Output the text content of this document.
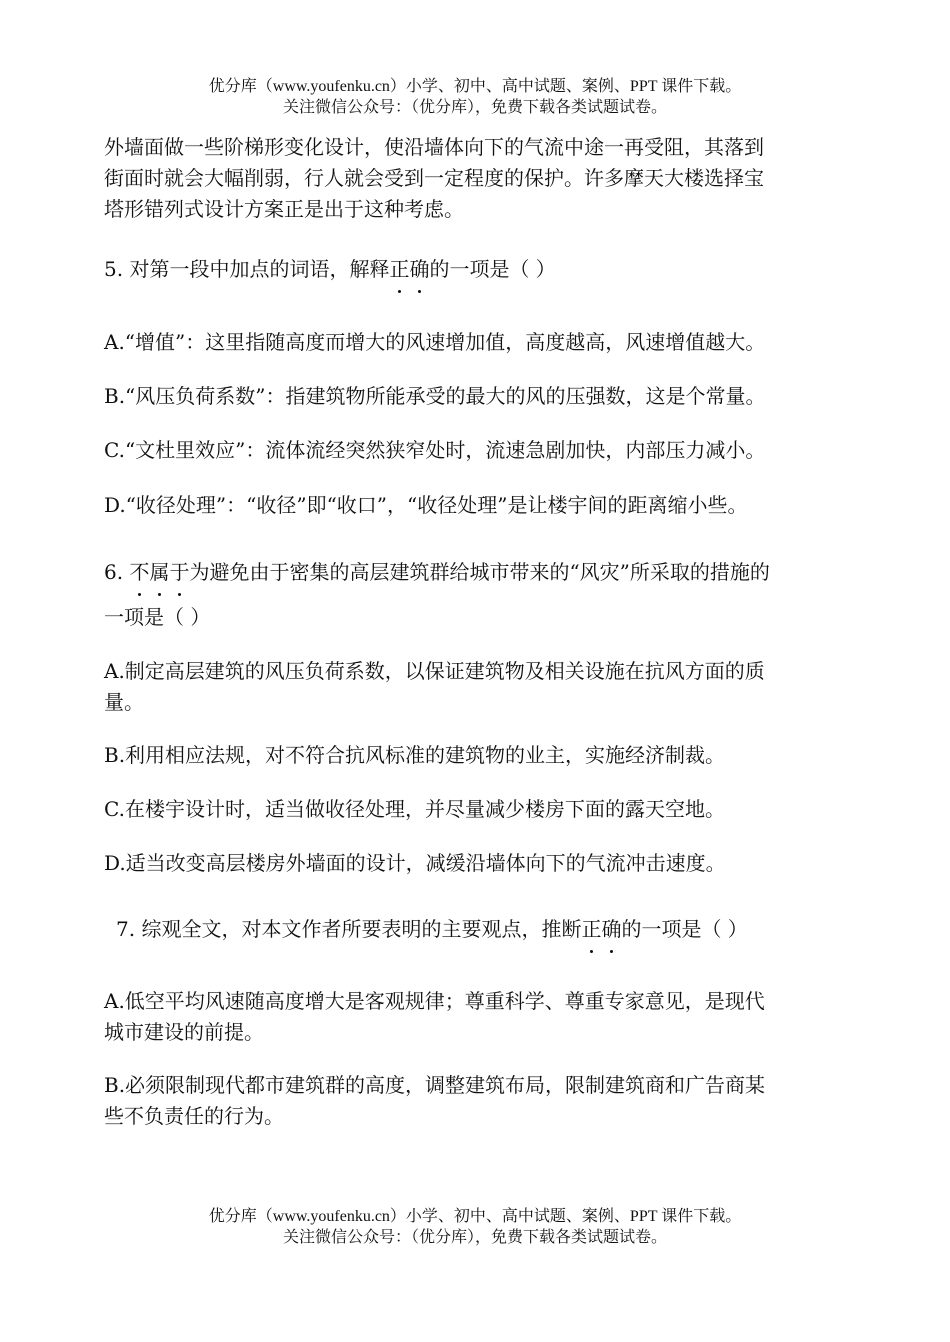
优分库（www.youfenku.cn）小学、初中、高中试题、案例、PPT 课件下载。
关注微信公众号：（优分库），免费下载各类试题试卷。
外墙面做一些阶梯形变化设计，使沿墙体向下的气流中途一再受阻，其落到
街面时就会大幅削弱，行人就会受到一定程度的保护。许多摩天大楼选择宝
塔形错列式设计方案正是出于这种考虑。
5. 对第一段中加点的词语，解释正确的一项是（ ）
A.“增值”：这里指随高度而增大的风速增加值，高度越高，风速增值越大。
B.“风压负荷系数”：指建筑物所能承受的最大的风的压强数，这是个常量。
C.“文杜里效应”：流体流经突然狭窄处时，流速急剧加快，内部压力减小。
D.“收径处理”：“收径”即“收口”，“收径处理”是让楼宇间的距离缩小些。
6. 不属于为避免由于密集的高层建筑群给城市带来的“风灾”所采取的措施的
一项是（ ）
A.制定高层建筑的风压负荷系数，以保证建筑物及相关设施在抗风方面的质
量。
B.利用相应法规，对不符合抗风标准的建筑物的业主，实施经济制裁。
C.在楼宇设计时，适当做收径处理，并尽量减少楼房下面的露天空地。
D.适当改变高层楼房外墙面的设计，减缓沿墙体向下的气流冲击速度。
7. 综观全文，对本文作者所要表明的主要观点，推断正确的一项是（ ）
A.低空平均风速随高度增大是客观规律；尊重科学、尊重专家意见，是现代
城市建设的前提。
B.必须限制现代都市建筑群的高度，调整建筑布局，限制建筑商和广告商某
些不负责任的行为。
优分库（www.youfenku.cn）小学、初中、高中试题、案例、PPT 课件下载。
关注微信公众号：（优分库），免费下载各类试题试卷。
